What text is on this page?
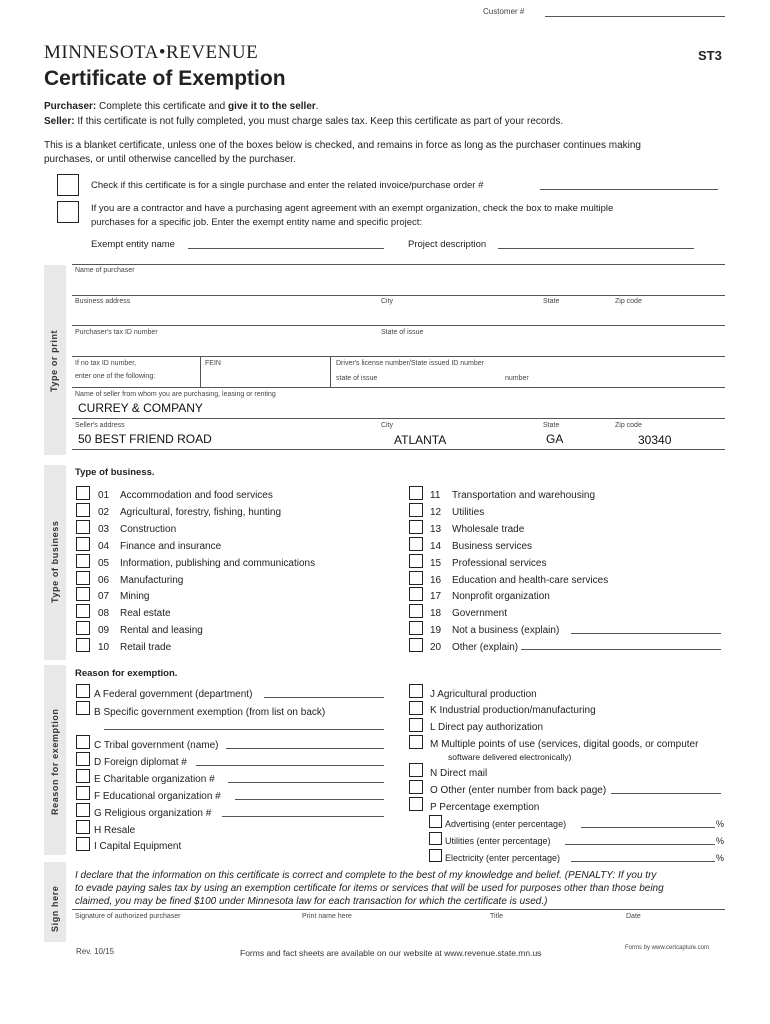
Customer #
MINNESOTA•REVENUE	ST3
Certificate of Exemption
Purchaser: Complete this certificate and give it to the seller.
Seller: If this certificate is not fully completed, you must charge sales tax. Keep this certificate as part of your records.
This is a blanket certificate, unless one of the boxes below is checked, and remains in force as long as the purchaser continues making
purchases, or until otherwise cancelled by the purchaser.
Check if this certificate is for a single purchase and enter the related invoice/purchase order #
If you are a contractor and have a purchasing agent agreement with an exempt organization, check the box to make multiple
purchases for a specific job. Enter the exempt entity name and specific project:
Exempt entity name	Project description
Type or print
Name of purchaser
Business address	City	State	Zip code
Purchaser's tax ID number	State of issue
If no tax ID number,
enter one of the following:
FEIN	Driver's license number/State issued ID number
state of issue	number
Name of seller from whom you are purchasing, leasing or renting
CURREY & COMPANY
Seller's address	City	State	Zip code
50 BEST FRIEND ROAD	ATLANTA	GA	30340
Type of business
Type of business.
01 Accommodation and food services
02 Agricultural, forestry, fishing, hunting
03 Construction
04 Finance and insurance
05 Information, publishing and communications
06 Manufacturing
07 Mining
08 Real estate
09 Rental and leasing
10 Retail trade
11 Transportation and warehousing
12 Utilities
13 Wholesale trade
14 Business services
15 Professional services
16 Education and health-care services
17 Nonprofit organization
18 Government
19 Not a business (explain)
20 Other (explain)
Reason for exemption
Reason for exemption.
A Federal government (department)
B Specific government exemption (from list on back)
C Tribal government (name)
D Foreign diplomat #
E Charitable organization #
F Educational organization #
G Religious organization #
H Resale
I Capital Equipment
J Agricultural production
K Industrial production/manufacturing
L Direct pay authorization
M Multiple points of use (services, digital goods, or computer
software delivered electronically)
N Direct mail
O Other (enter number from back page)
P Percentage exemption
Advertising (enter percentage)	%
Utilities (enter percentage)	%
Electricity (enter percentage)	%
Sign here
I declare that the information on this certificate is correct and complete to the best of my knowledge and belief. (PENALTY: If you try
to evade paying sales tax by using an exemption certificate for items or services that will be used for purposes other than those being
claimed, you may be fined $100 under Minnesota law for each transaction for which the certificate is used.)
Signature of authorized purchaser	Print name here	Title	Date
Rev. 10/15	Forms and fact sheets are available on our website at www.revenue.state.mn.us	Forms by www.certcapture.com
